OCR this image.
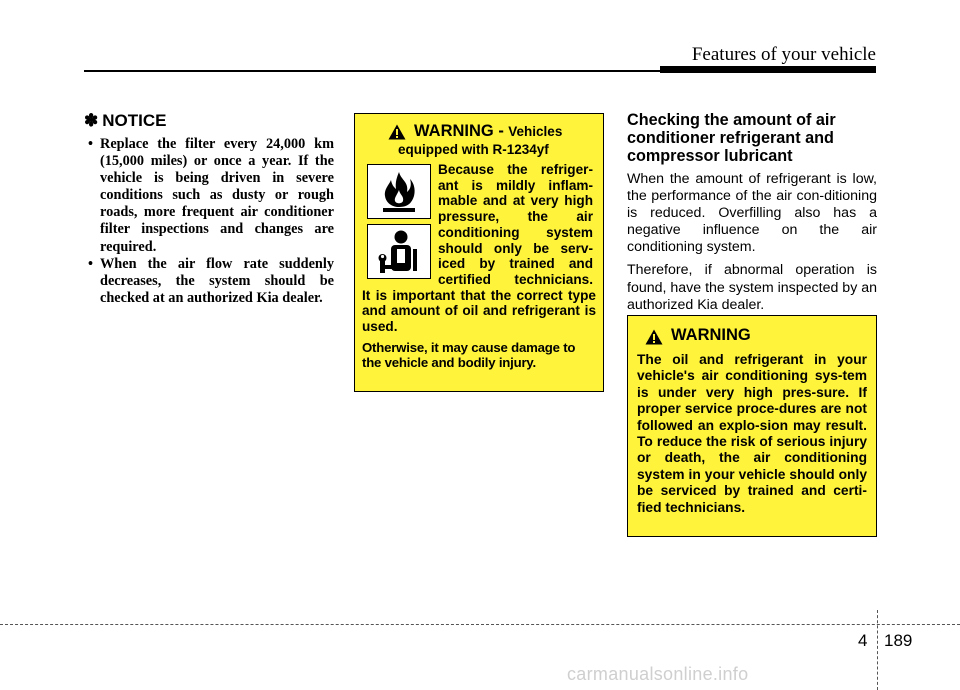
Features of your vehicle
✽ NOTICE
• Replace the filter every 24,000 km (15,000 miles) or once a year. If the vehicle is being driven in severe conditions such as dusty or rough roads, more frequent air conditioner filter inspections and changes are required.
• When the air flow rate suddenly decreases, the system should be checked at an authorized Kia dealer.
WARNING - Vehicles
equipped with R-1234yf
Because the refriger-ant is mildly inflam-mable and at very high pressure, the air conditioning system should only be serv-iced by trained and certified technicians.
It is important that the correct type and amount of oil and refrigerant is used.
Otherwise, it may cause damage to the vehicle and bodily injury.
Checking the amount of air conditioner refrigerant and compressor lubricant

When the amount of refrigerant is low, the performance of the air con-ditioning is reduced. Overfilling also has a negative influence on the air conditioning system.

Therefore, if abnormal operation is found, have the system inspected by an authorized Kia dealer.

WARNING
The oil and refrigerant in your vehicle's air conditioning sys-tem is under very high pres-sure. If proper service proce-dures are not followed an explo-sion may result. To reduce the risk of serious injury or death, the air conditioning system in your vehicle should only be serviced by trained and certi-fied technicians.
4 189
carmanualsonline.info
